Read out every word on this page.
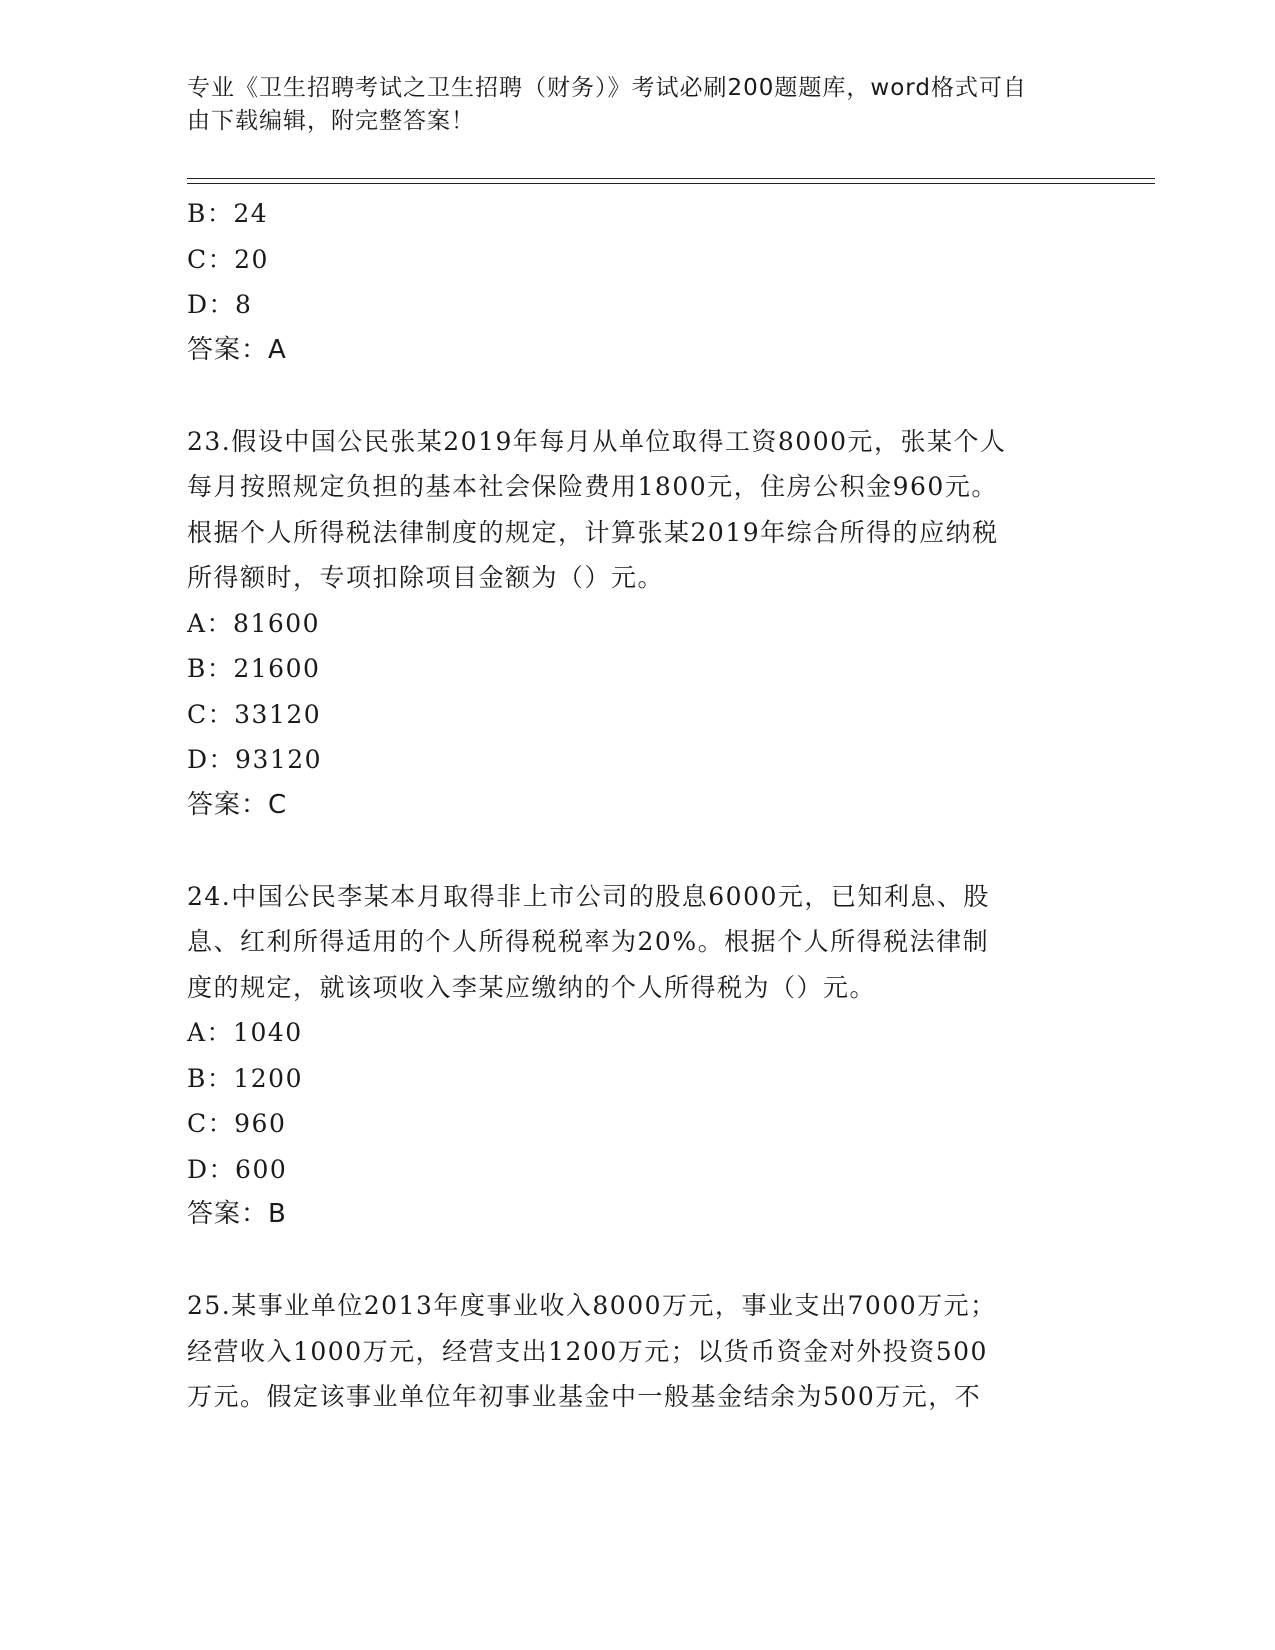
专业《卫生招聘考试之卫生招聘（财务）》考试必刷200题题库，word格式可自
由下载编辑，附完整答案！
B：24
C：20
D：8
答案：A
23.假设中国公民张某2019年每月从单位取得工资8000元，张某个人
每月按照规定负担的基本社会保险费用1800元，住房公积金960元。
根据个人所得税法律制度的规定，计算张某2019年综合所得的应纳税
所得额时，专项扣除项目金额为（）元。
A：81600
B：21600
C：33120
D：93120
答案：C
24.中国公民李某本月取得非上市公司的股息6000元，已知利息、股
息、红利所得适用的个人所得税税率为20%。根据个人所得税法律制
度的规定，就该项收入李某应缴纳的个人所得税为（）元。
A：1040
B：1200
C：960
D：600
答案：B
25.某事业单位2013年度事业收入8000万元，事业支出7000万元；
经营收入1000万元，经营支出1200万元；以货币资金对外投资500
万元。假定该事业单位年初事业基金中一般基金结余为500万元，不
